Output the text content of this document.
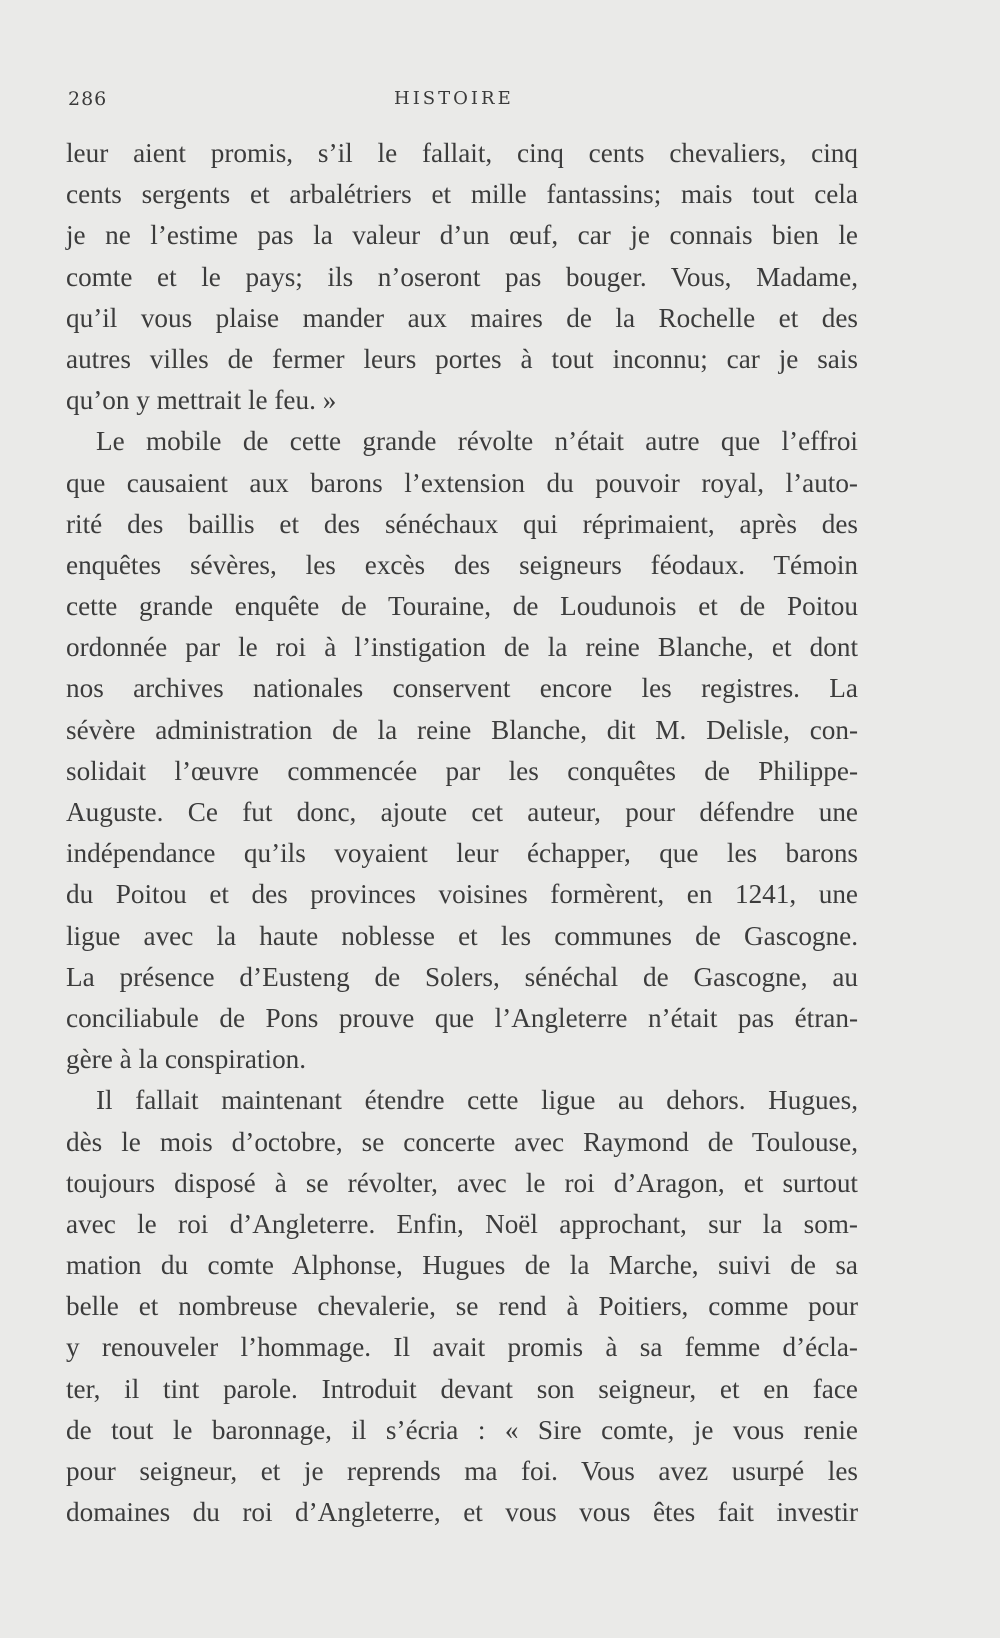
286	HISTOIRE
leur aient promis, s’il le fallait, cinq cents chevaliers, cinq
cents sergents et arbalétriers et mille fantassins; mais tout cela
je ne l’estime pas la valeur d’un œuf, car je connais bien le
comte et le pays; ils n’oseront pas bouger. Vous, Madame,
qu’il vous plaise mander aux maires de la Rochelle et des
autres villes de fermer leurs portes à tout inconnu; car je sais
qu’on y mettrait le feu. »
Le mobile de cette grande révolte n’était autre que l’effroi
que causaient aux barons l’extension du pouvoir royal, l’auto-
rité des baillis et des sénéchaux qui réprimaient, après des
enquêtes sévères, les excès des seigneurs féodaux. Témoin
cette grande enquête de Touraine, de Loudunois et de Poitou
ordonnée par le roi à l’instigation de la reine Blanche, et dont
nos archives nationales conservent encore les registres. La
sévère administration de la reine Blanche, dit M. Delisle, con-
solidait l’œuvre commencée par les conquêtes de Philippe-
Auguste. Ce fut donc, ajoute cet auteur, pour défendre une
indépendance qu’ils voyaient leur échapper, que les barons
du Poitou et des provinces voisines formèrent, en 1241, une
ligue avec la haute noblesse et les communes de Gascogne.
La présence d’Eusteng de Solers, sénéchal de Gascogne, au
conciliabule de Pons prouve que l’Angleterre n’était pas étran-
gère à la conspiration.
Il fallait maintenant étendre cette ligue au dehors. Hugues,
dès le mois d’octobre, se concerte avec Raymond de Toulouse,
toujours disposé à se révolter, avec le roi d’Aragon, et surtout
avec le roi d’Angleterre. Enfin, Noël approchant, sur la som-
mation du comte Alphonse, Hugues de la Marche, suivi de sa
belle et nombreuse chevalerie, se rend à Poitiers, comme pour
y renouveler l’hommage. Il avait promis à sa femme d’écla-
ter, il tint parole. Introduit devant son seigneur, et en face
de tout le baronnage, il s’écria : « Sire comte, je vous renie
pour seigneur, et je reprends ma foi. Vous avez usurpé les
domaines du roi d’Angleterre, et vous vous êtes fait investir
